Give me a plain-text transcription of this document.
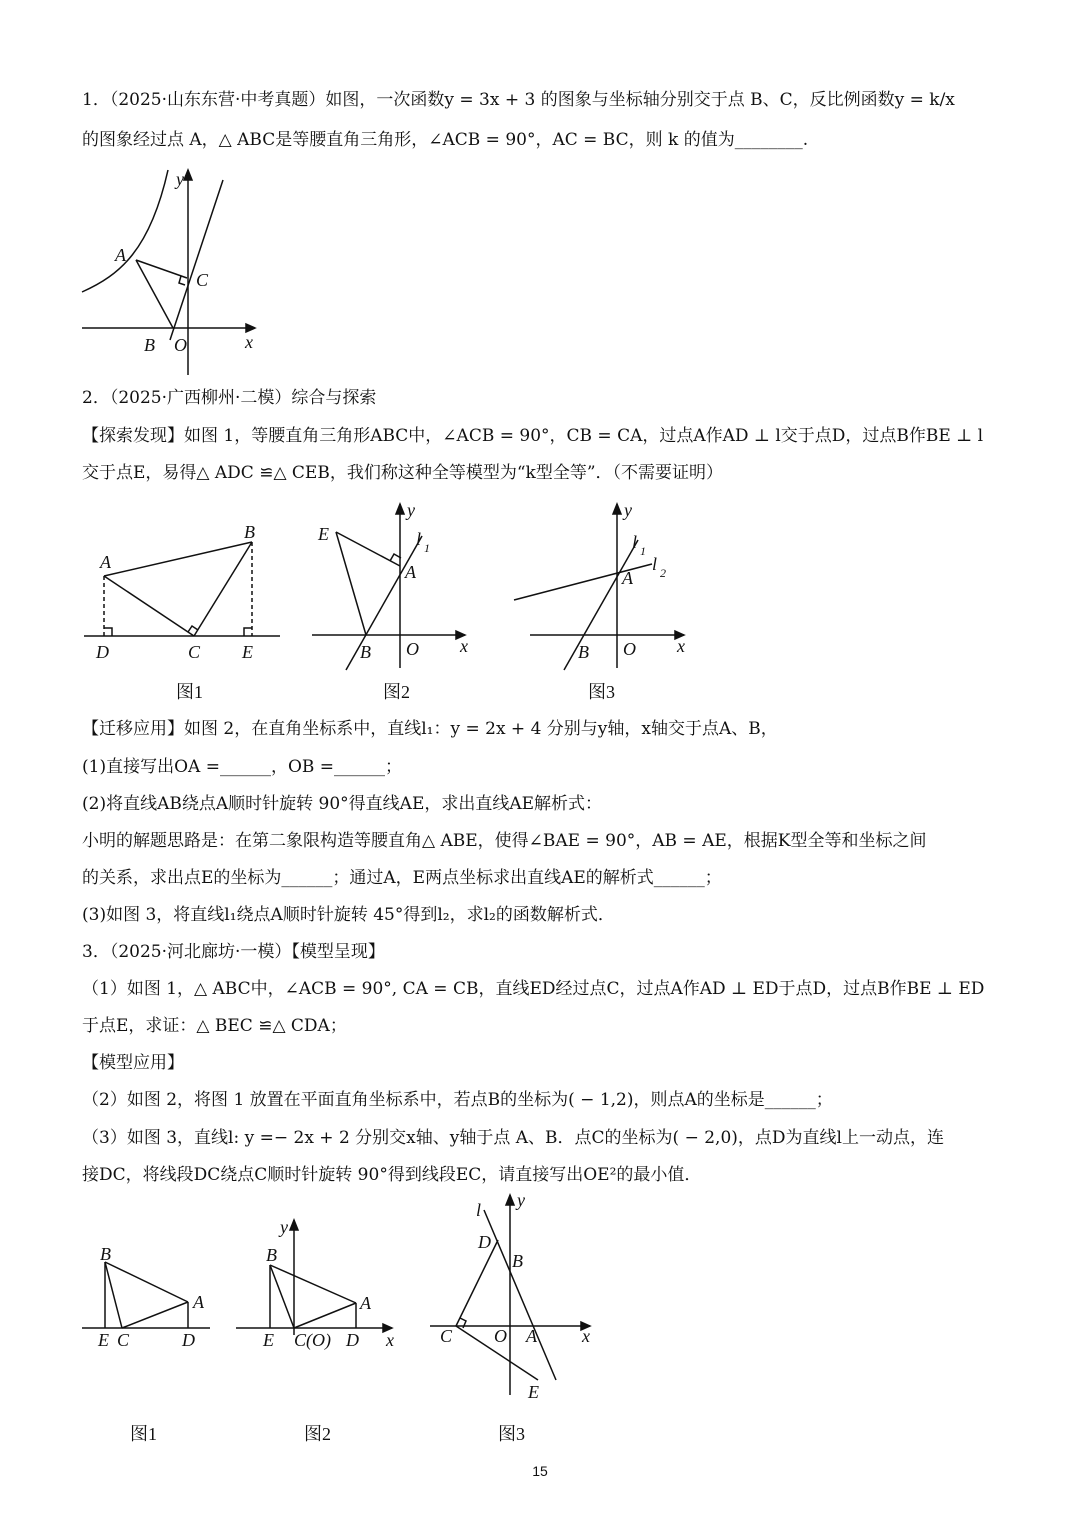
1．（2025·山东东营·中考真题）如图，一次函数y = 3x + 3 的图象与坐标轴分别交于点 B、C，反比例函数y = k/x
的图象经过点 A，△ ABC是等腰直角三角形，∠ACB = 90°，AC = BC，则 k 的值为________.
y
x
A
C
B O
2．（2025·广西柳州·二模）综合与探索
【探索发现】如图 1，等腰直角三角形ABC中，∠ACB = 90°，CB = CA，过点A作AD ⊥ l交于点D，过点B作BE ⊥ l
交于点E，易得△ ADC ≌△ CEB，我们称这种全等模型为“k型全等”．（不需要证明）
A
B
D	C E
E
A
B O x
y
l 1
A
B O x
y
l 1
l 2
图1	图2	图3
【迁移应用】如图 2，在直角坐标系中，直线l₁：y = 2x + 4 分别与y轴，x轴交于点A、B，
(1)直接写出OA =______，OB =______；
(2)将直线AB绕点A顺时针旋转 90°得直线AE，求出直线AE解析式：
小明的解题思路是：在第二象限构造等腰直角△ ABE，使得∠BAE = 90°，AB = AE，根据K型全等和坐标之间
的关系，求出点E的坐标为______；通过A，E两点坐标求出直线AE的解析式______；
(3)如图 3，将直线l₁绕点A顺时针旋转 45°得到l₂，求l₂的函数解析式．
3．（2025·河北廊坊·一模）【模型呈现】
（1）如图 1，△ ABC中，∠ACB = 90°, CA = CB，直线ED经过点C，过点A作AD ⊥ ED于点D，过点B作BE ⊥ ED
于点E，求证：△ BEC ≌△ CDA；
【模型应用】
（2）如图 2，将图 1 放置在平面直角坐标系中，若点B的坐标为( − 1,2)，则点A的坐标是______；
（3）如图 3，直线l: y =− 2x + 2 分别交x轴、y轴于点 A、B．点C的坐标为( − 2,0)，点D为直线l上一动点，连
接DC，将线段DC绕点C顺时针旋转 90°得到线段EC，请直接写出OE²的最小值．
B
A
E C	D
B
A
E C(O) D x
y
l y
D
B
C O A	x
E
图1	图2	图3
15
